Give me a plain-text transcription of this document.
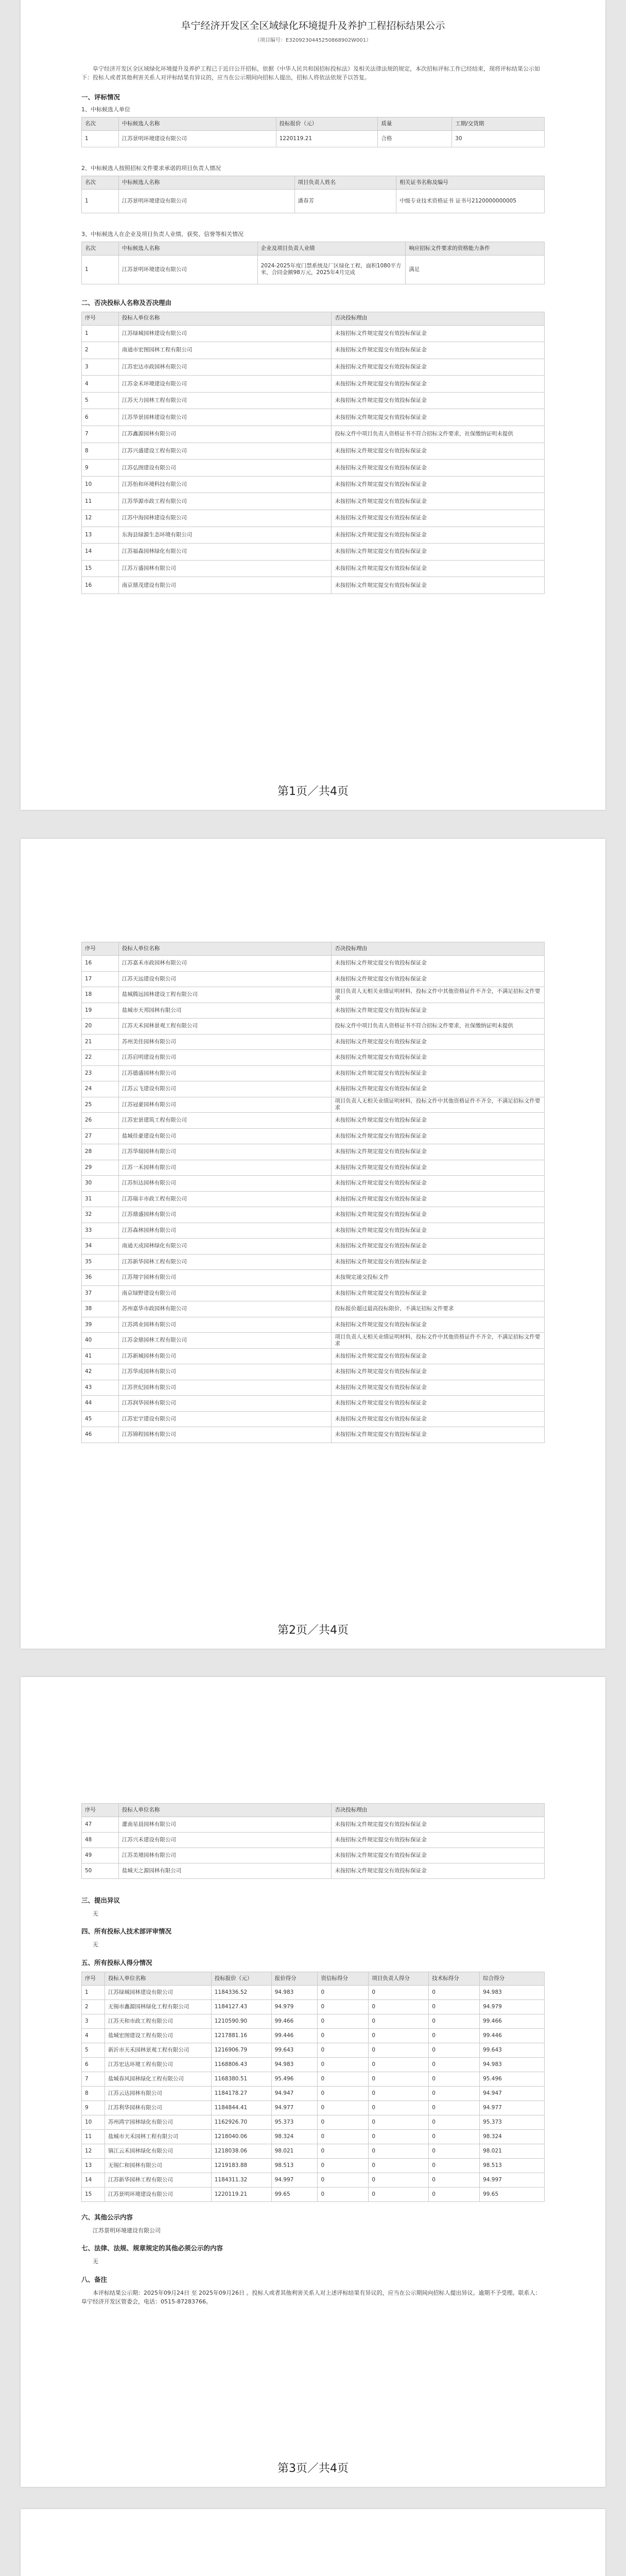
阜宁经济开发区全区域绿化环境提升及养护工程招标结果公示
（项目编号：E3209230445250868902W001）

阜宁经济开发区全区域绿化环境提升及养护工程已于近日公开招标，依据《中华人民共和国招标投标法》及相关法律法规的规定，本次招标评标工作已经结束，现将评标结果公示如下：投标人或者其他利害关系人对评标结果有异议的，应当在公示期间向招标人提出，招标人将依法依规予以答复。

一、评标情况
1、中标候选人单位
名次	中标候选人名称	投标报价（元）	质量	工期/交货期
1	江苏景明环境建设有限公司	1220119.21	合格	30
2、中标候选人按照招标文件要求承诺的项目负责人情况
名次	中标候选人名称	项目负责人姓名	相关证书名称及编号
1	江苏景明环境建设有限公司	潘春芳	中级专业技术资格证书 证书号2120000000005
3、中标候选人在企业及项目负责人业绩、获奖、信誉等相关情况
名次	中标候选人名称	企业及项目负责人业绩	响应招标文件要求的资格能力条件
1	江苏景明环境建设有限公司	2024-2025年度门禁系统及厂区绿化工程，面积1080平方米，合同金额98万元，2025年4月完成	满足
二、否决投标人名称及否决理由
序号	投标人单位名称	否决投标理由
1	江苏绿城园林建设有限公司	未按招标文件规定提交有效投标保证金
2	南通市宏图园林工程有限公司	未按招标文件规定提交有效投标保证金
3	江苏宏达市政园林有限公司	未按招标文件规定提交有效投标保证金
4	江苏金禾环境建设有限公司	未按招标文件规定提交有效投标保证金
5	江苏天力园林工程有限公司	未按招标文件规定提交有效投标保证金
6	江苏华景园林建设有限公司	未按招标文件规定提交有效投标保证金
7	江苏鑫源园林有限公司	投标文件中项目负责人资格证书不符合招标文件要求，社保缴纳证明未提供
8	江苏兴盛建设工程有限公司	未按招标文件规定提交有效投标保证金
9	江苏弘图建设有限公司	未按招标文件规定提交有效投标保证金
10	江苏怡和环境科技有限公司	未按招标文件规定提交有效投标保证金
11	江苏华源市政工程有限公司	未按招标文件规定提交有效投标保证金
12	江苏中海园林建设有限公司	未按招标文件规定提交有效投标保证金
13	东海县绿源生态环境有限公司	未按招标文件规定提交有效投标保证金
14	江苏福森园林绿化有限公司	未按招标文件规定提交有效投标保证金
15	江苏万盛园林有限公司	未按招标文件规定提交有效投标保证金
16	南京鼎茂建设有限公司	未按招标文件规定提交有效投标保证金
第1页／共4页
序号	投标人单位名称	否决投标理由
16	江苏嘉禾市政园林有限公司	未按招标文件规定提交有效投标保证金
17	江苏天远建设有限公司	未按招标文件规定提交有效投标保证金
18	盐城腾远园林建设工程有限公司	项目负责人无相关业绩证明材料，投标文件中其他资格证件不齐全，不满足招标文件要求
19	盐城市天邦园林有限公司	未按招标文件规定提交有效投标保证金
20	江苏天禾园林景观工程有限公司	投标文件中项目负责人资格证书不符合招标文件要求，社保缴纳证明未提供
21	苏州美佳园林有限公司	未按招标文件规定提交有效投标保证金
22	江苏启明建设有限公司	未按招标文件规定提交有效投标保证金
23	江苏德盛园林有限公司	未按招标文件规定提交有效投标保证金
24	江苏云飞建设有限公司	未按招标文件规定提交有效投标保证金
25	江苏冠豪园林有限公司	项目负责人无相关业绩证明材料，投标文件中其他资格证件不齐全，不满足招标文件要求
26	江苏宏景建筑工程有限公司	未按招标文件规定提交有效投标保证金
27	盐城佳豪建设有限公司	未按招标文件规定提交有效投标保证金
28	江苏华瑞园林有限公司	未按招标文件规定提交有效投标保证金
29	江苏一禾园林有限公司	未按招标文件规定提交有效投标保证金
30	江苏恒达园林有限公司	未按招标文件规定提交有效投标保证金
31	江苏瑞丰市政工程有限公司	未按招标文件规定提交有效投标保证金
32	江苏鼎盛园林有限公司	未按招标文件规定提交有效投标保证金
33	江苏森林园林有限公司	未按招标文件规定提交有效投标保证金
34	南通天成园林绿化有限公司	未按招标文件规定提交有效投标保证金
35	江苏新华园林工程有限公司	未按招标文件规定提交有效投标保证金
36	江苏翔宇园林有限公司	未按规定递交投标文件
37	南京绿野建设有限公司	未按招标文件规定提交有效投标保证金
38	苏州嘉华市政园林有限公司	投标报价超过最高投标限价，不满足招标文件要求
39	江苏鸿业园林有限公司	未按招标文件规定提交有效投标保证金
40	江苏金鼎园林工程有限公司	项目负责人无相关业绩证明材料，投标文件中其他资格证件不齐全，不满足招标文件要求
41	江苏新城园林有限公司	未按招标文件规定提交有效投标保证金
42	江苏华成园林有限公司	未按招标文件规定提交有效投标保证金
43	江苏世纪园林有限公司	未按招标文件规定提交有效投标保证金
44	江苏润华园林有限公司	未按招标文件规定提交有效投标保证金
45	江苏宏宇建设有限公司	未按招标文件规定提交有效投标保证金
46	江苏锦程园林有限公司	未按招标文件规定提交有效投标保证金
第2页／共4页
序号	投标人单位名称	否决投标理由
47	灌南星晨园林有限公司	未按招标文件规定提交有效投标保证金
48	江苏兴禾建设有限公司	未按招标文件规定提交有效投标保证金
49	江苏美境园林有限公司	未按招标文件规定提交有效投标保证金
50	盐城天之源园林有限公司	未按招标文件规定提交有效投标保证金
三、提出异议
无
四、所有投标人技术部评审情况
无
五、所有投标人得分情况
序号	投标人单位名称	投标报价（元）	报价得分	资信标得分	项目负责人得分	技术标得分	综合得分
1	江苏绿城园林建设有限公司	1184336.52	94.983	0	0	0	94.983
2	无锡市鑫源园林绿化工程有限公司	1184127.43	94.979	0	0	0	94.979
3	江苏天和市政工程有限公司	1210590.90	99.466	0	0	0	99.466
4	盐城宏图建设工程有限公司	1217881.16	99.446	0	0	0	99.446
5	新沂市天禾园林景观工程有限公司	1216906.79	99.643	0	0	0	99.643
6	江苏宏达环境工程有限公司	1168806.43	94.983	0	0	0	94.983
7	盐城春风园林绿化工程有限公司	1168380.51	95.496	0	0	0	95.496
8	江苏云达园林有限公司	1184178.27	94.947	0	0	0	94.947
9	江苏利华园林有限公司	1184844.41	94.977	0	0	0	94.977
10	苏州鸿宇园林绿化有限公司	1162926.70	95.373	0	0	0	95.373
11	盐城市天禾园林工程有限公司	1218040.06	98.324	0	0	0	98.324
12	镇江云禾园林绿化有限公司	1218038.06	98.021	0	0	0	98.021
13	无锡仁和园林有限公司	1219183.88	98.513	0	0	0	98.513
14	江苏新华园林工程有限公司	1184311.32	94.997	0	0	0	94.997
15	江苏景明环境建设有限公司	1220119.21	99.65	0	0	0	99.65
六、其他公示内容
江苏景明环境建设有限公司
七、法律、法规、规章规定的其他必须公示的内容
无
八、备注
本评标结果公示期：2025年09月24日 至 2025年09月26日 。投标人或者其他利害关系人对上述评标结果有异议的，应当在公示期间向招标人提出异议。逾期不予受理。联系人：阜宁经济开发区管委会，电话：0515-87283766。
第3页／共4页
